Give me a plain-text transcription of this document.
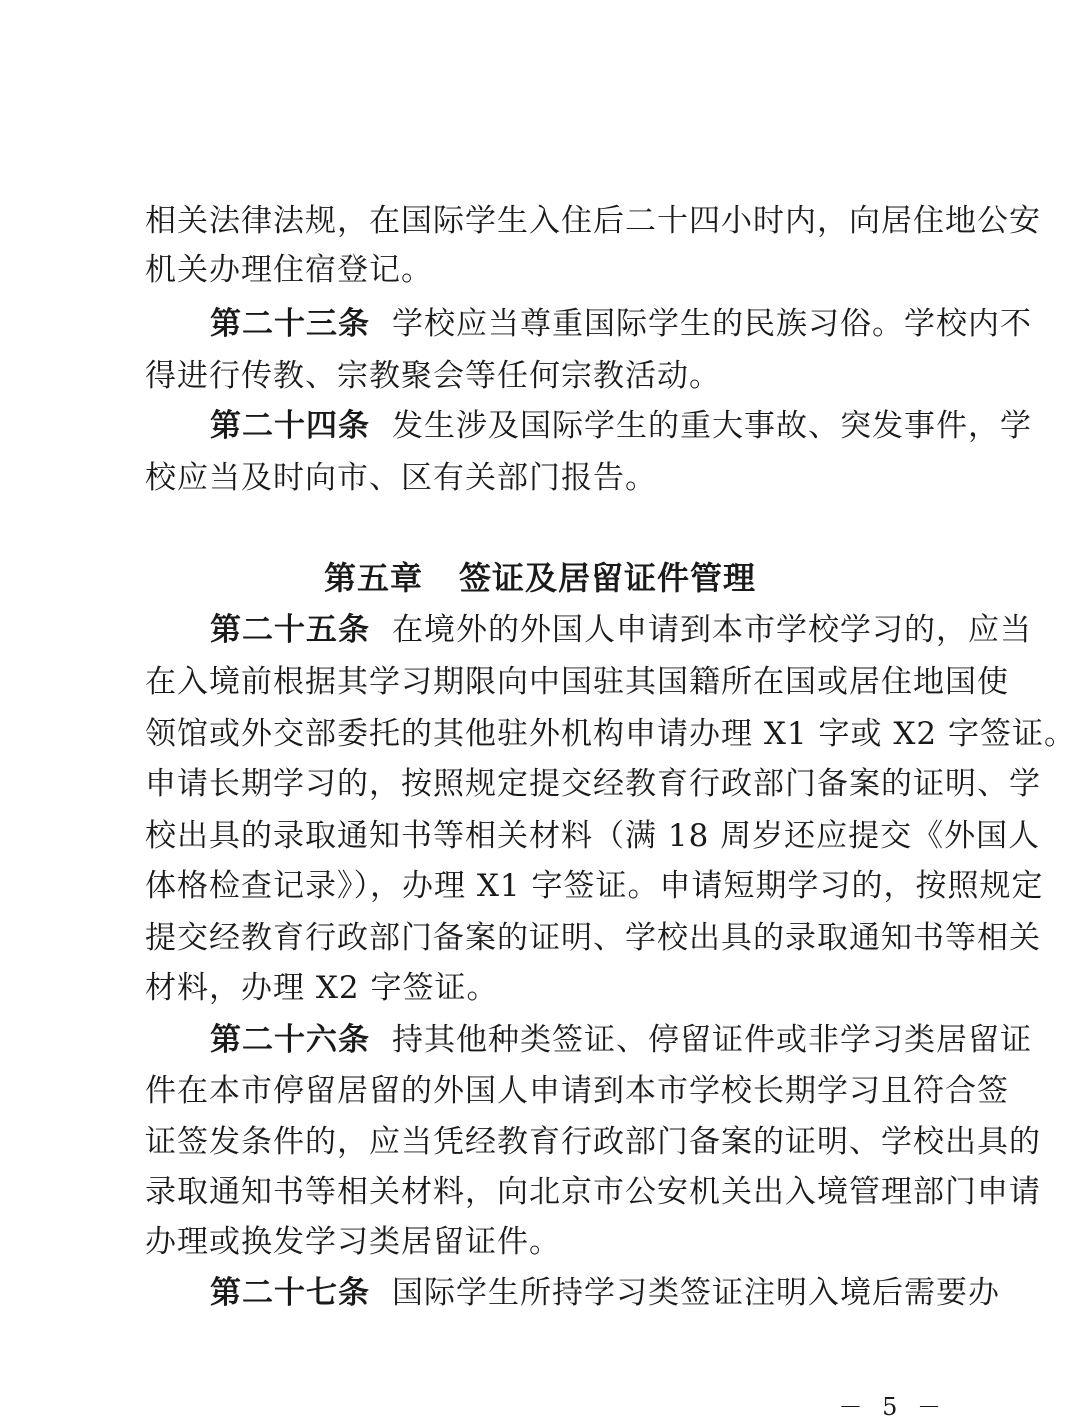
相关法律法规，在国际学生入住后二十四小时内，向居住地公安
机关办理住宿登记。
第二十三条 学校应当尊重国际学生的民族习俗。学校内不
得进行传教、宗教聚会等任何宗教活动。
第二十四条 发生涉及国际学生的重大事故、突发事件，学
校应当及时向市、区有关部门报告。
第五章 签证及居留证件管理
第二十五条 在境外的外国人申请到本市学校学习的，应当
在入境前根据其学习期限向中国驻其国籍所在国或居住地国使
领馆或外交部委托的其他驻外机构申请办理 X1 字或 X2 字签证。
申请长期学习的，按照规定提交经教育行政部门备案的证明、学
校出具的录取通知书等相关材料（满 18 周岁还应提交《外国人
体格检查记录》），办理 X1 字签证。申请短期学习的，按照规定
提交经教育行政部门备案的证明、学校出具的录取通知书等相关
材料，办理 X2 字签证。
第二十六条 持其他种类签证、停留证件或非学习类居留证
件在本市停留居留的外国人申请到本市学校长期学习且符合签
证签发条件的，应当凭经教育行政部门备案的证明、学校出具的
录取通知书等相关材料，向北京市公安机关出入境管理部门申请
办理或换发学习类居留证件。
第二十七条 国际学生所持学习类签证注明入境后需要办
－ 5 －
